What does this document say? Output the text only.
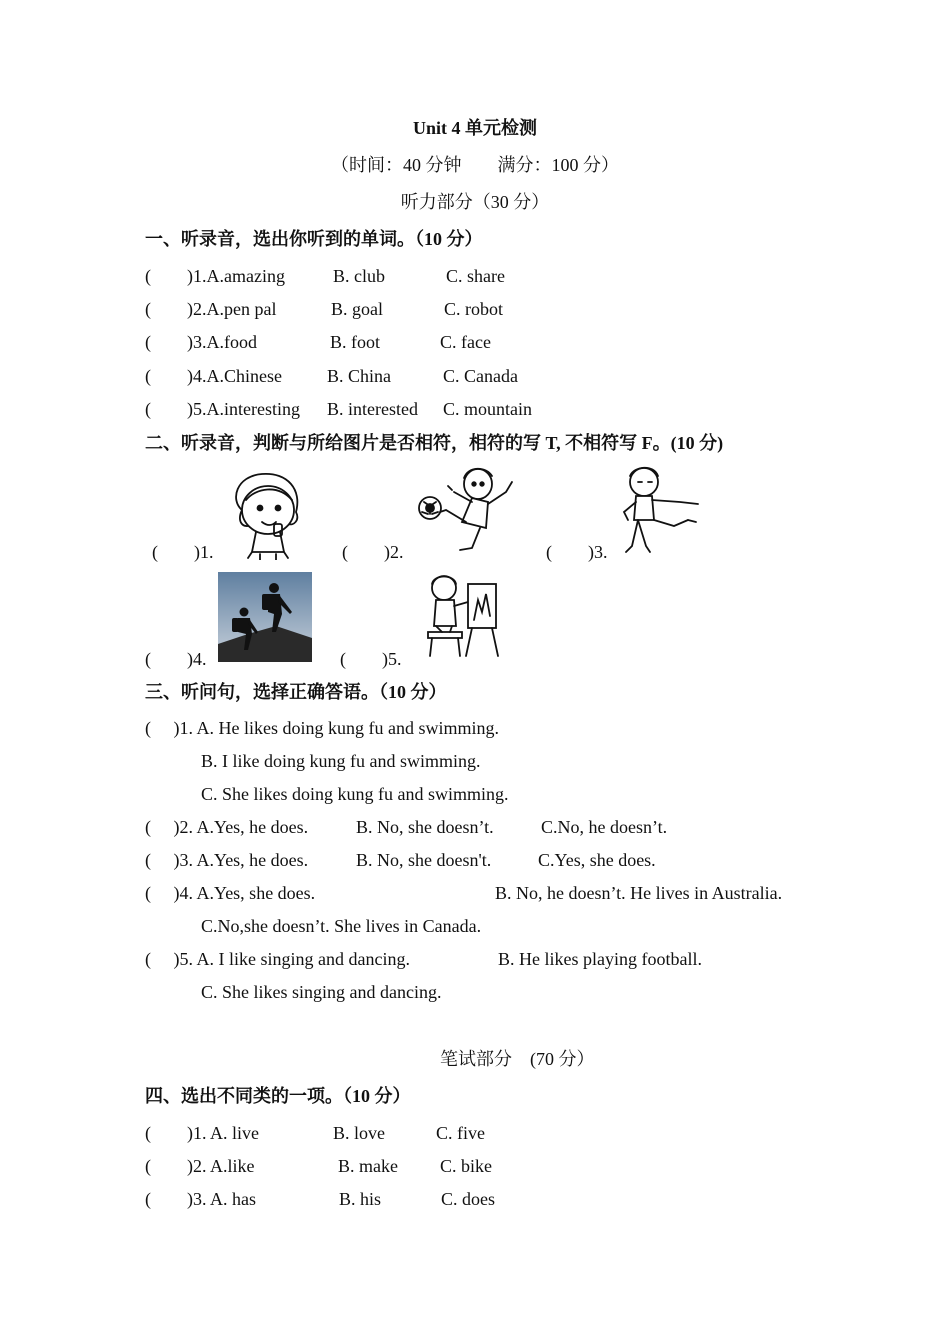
Unit 4 单元检测
（时间：40 分钟　　满分：100 分）
听力部分（30 分）
一、听录音，选出你听到的单词。（10 分）
(　　)1.A.amazing	B. club	C. share
(　　)2.A.pen pal	B. goal	C. robot
(　　)3.A.food	B. foot	C. face
(　　)4.A.Chinese	B. China	C. Canada
(　　)5.A.interesting B. interested C. mountain
二、听录音，判断与所给图片是否相符，相符的写 T, 不相符写 F。(10 分)
(　　)1.	(　　)2.	(　　)3.
(　　)4.	(　　)5.
三、听问句，选择正确答语。（10 分）
(　 )1. A. He likes doing kung fu and swimming.
B. I like doing kung fu and swimming.
C. She likes doing kung fu and swimming.
(　 )2. A.Yes, he does.	B. No, she doesn’t.	C.No, he doesn’t.
(　 )3. A.Yes, he does.	B. No, she doesn't.	C.Yes, she does.
(　 )4. A.Yes, she does.	B. No, he doesn’t. He lives in Australia.
C.No,she doesn’t. She lives in Canada.
(　 )5. A. I like singing and dancing.	B. He likes playing football.
C. She likes singing and dancing.
笔试部分　(70 分）
四、选出不同类的一项。（10 分）
(　　)1. A. live	B. love	C. five
(　　)2. A.like	B. make C. bike
(　　)3. A. has	B. his	C. does
